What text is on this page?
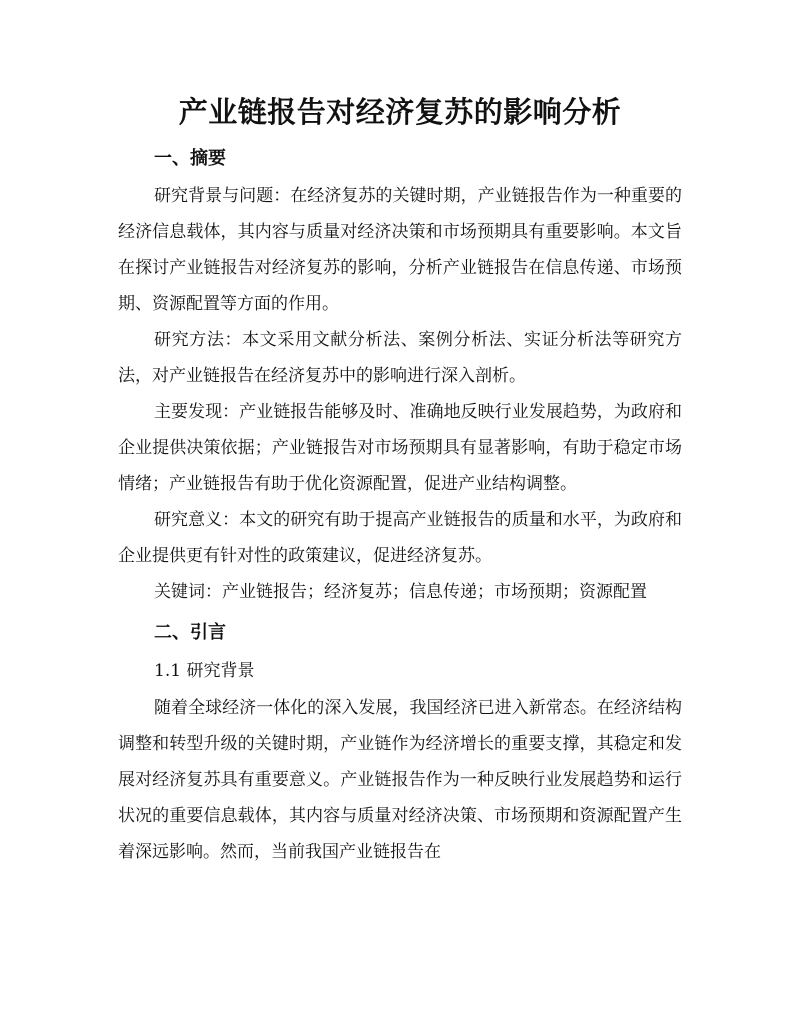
产业链报告对经济复苏的影响分析
一、摘要

研究背景与问题：在经济复苏的关键时期，产业链报告作为一种重要的经济信息载体，其内容与质量对经济决策和市场预期具有重要影响。本文旨在探讨产业链报告对经济复苏的影响，分析产业链报告在信息传递、市场预期、资源配置等方面的作用。

研究方法：本文采用文献分析法、案例分析法、实证分析法等研究方法，对产业链报告在经济复苏中的影响进行深入剖析。

主要发现：产业链报告能够及时、准确地反映行业发展趋势，为政府和企业提供决策依据；产业链报告对市场预期具有显著影响，有助于稳定市场情绪；产业链报告有助于优化资源配置，促进产业结构调整。

研究意义：本文的研究有助于提高产业链报告的质量和水平，为政府和企业提供更有针对性的政策建议，促进经济复苏。

关键词：产业链报告；经济复苏；信息传递；市场预期；资源配置

二、引言

1.1 研究背景

随着全球经济一体化的深入发展，我国经济已进入新常态。在经济结构调整和转型升级的关键时期，产业链作为经济增长的重要支撑，其稳定和发展对经济复苏具有重要意义。产业链报告作为一种反映行业发展趋势和运行状况的重要信息载体，其内容与质量对经济决策、市场预期和资源配置产生着深远影响。然而，当前我国产业链报告在
